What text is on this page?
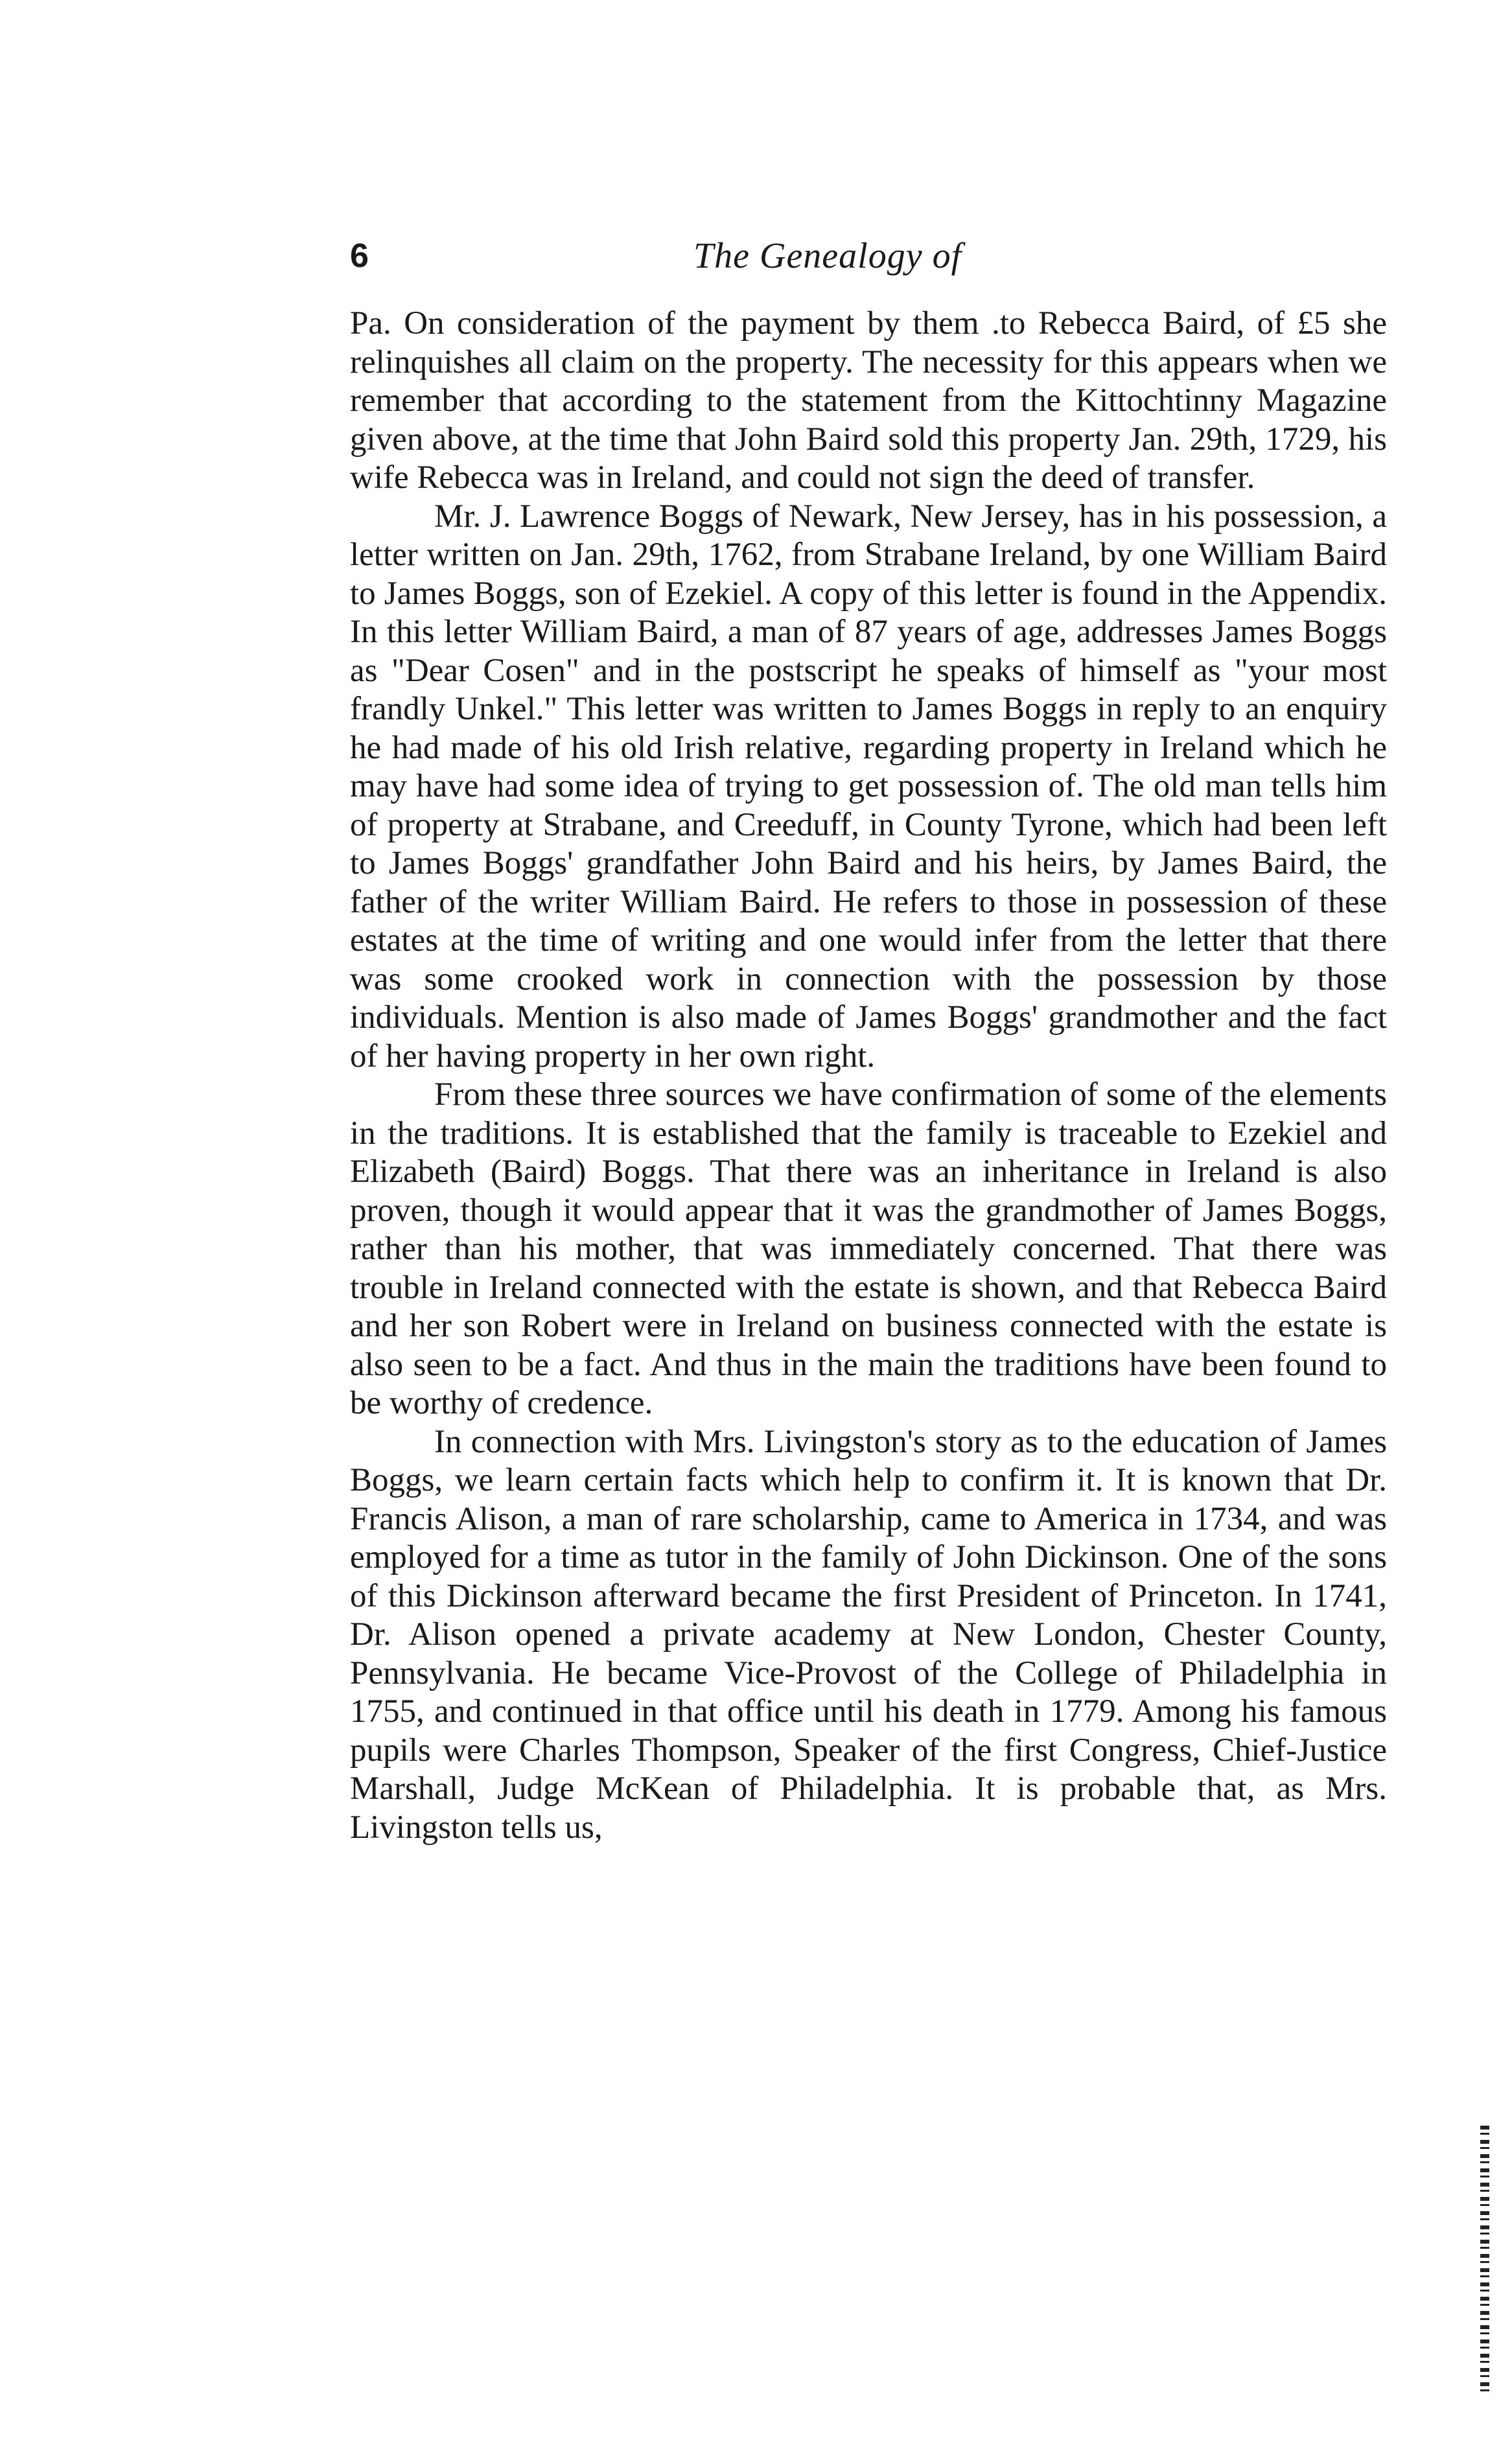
6	The Genealogy of

Pa. On consideration of the payment by them .to Rebecca Baird, of £5 she relinquishes all claim on the property. The necessity for this appears when we remember that according to the statement from the Kittochtinny Magazine given above, at the time that John Baird sold this property Jan. 29th, 1729, his wife Rebecca was in Ireland, and could not sign the deed of transfer.

Mr. J. Lawrence Boggs of Newark, New Jersey, has in his possession, a letter written on Jan. 29th, 1762, from Strabane Ireland, by one William Baird to James Boggs, son of Ezekiel. A copy of this letter is found in the Appendix. In this letter William Baird, a man of 87 years of age, addresses James Boggs as "Dear Cosen" and in the postscript he speaks of himself as "your most frandly Unkel." This letter was written to James Boggs in reply to an enquiry he had made of his old Irish relative, regarding property in Ireland which he may have had some idea of trying to get possession of. The old man tells him of property at Strabane, and Creeduff, in County Tyrone, which had been left to James Boggs' grandfather John Baird and his heirs, by James Baird, the father of the writer William Baird. He refers to those in possession of these estates at the time of writing and one would infer from the letter that there was some crooked work in connection with the possession by those individuals. Mention is also made of James Boggs' grandmother and the fact of her having property in her own right.

From these three sources we have confirmation of some of the elements in the traditions. It is established that the family is traceable to Ezekiel and Elizabeth (Baird) Boggs. That there was an inheritance in Ireland is also proven, though it would appear that it was the grandmother of James Boggs, rather than his mother, that was immediately concerned. That there was trouble in Ireland connected with the estate is shown, and that Rebecca Baird and her son Robert were in Ireland on business connected with the estate is also seen to be a fact. And thus in the main the traditions have been found to be worthy of credence.

In connection with Mrs. Livingston's story as to the education of James Boggs, we learn certain facts which help to confirm it. It is known that Dr. Francis Alison, a man of rare scholarship, came to America in 1734, and was employed for a time as tutor in the family of John Dickinson. One of the sons of this Dickinson afterward became the first President of Princeton. In 1741, Dr. Alison opened a private academy at New London, Chester County, Pennsylvania. He became Vice-Provost of the College of Philadelphia in 1755, and continued in that office until his death in 1779. Among his famous pupils were Charles Thompson, Speaker of the first Congress, Chief-Justice Marshall, Judge McKean of Philadelphia. It is probable that, as Mrs. Livingston tells us,
